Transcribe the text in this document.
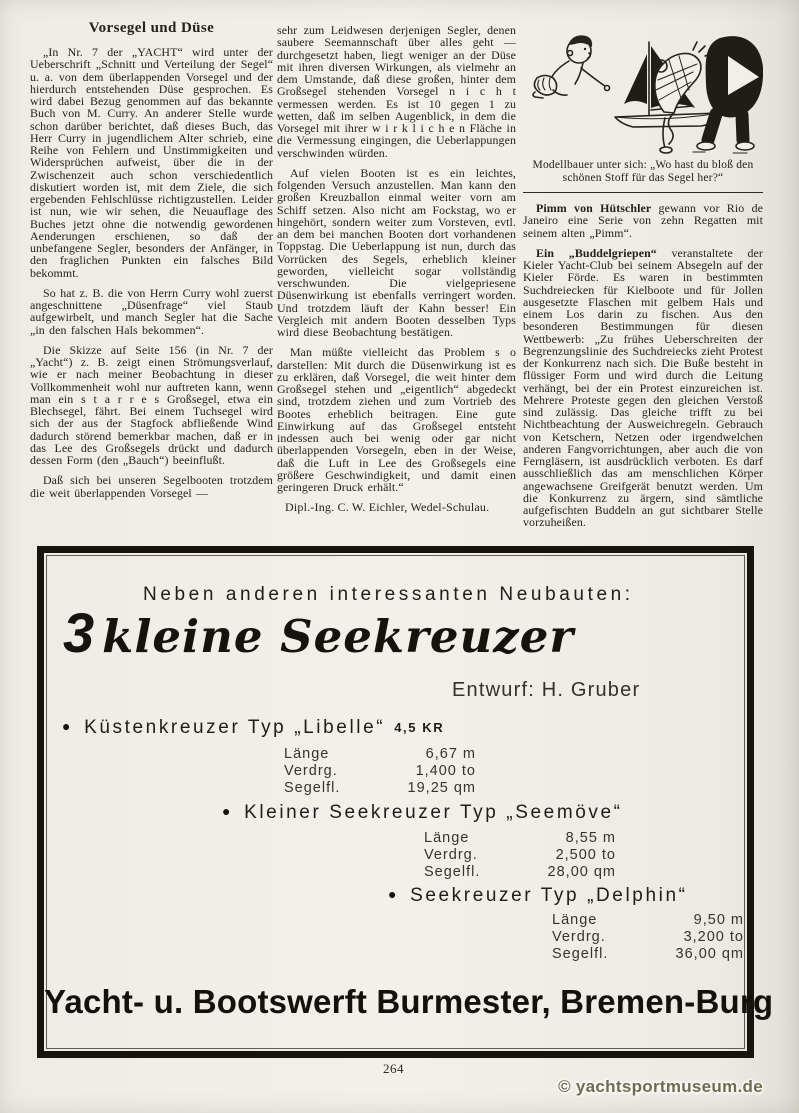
Vorsegel und Düse

„In Nr. 7 der „YACHT“ wird unter der Ueberschrift „Schnitt und Verteilung der Segel“ u. a. von dem überlappenden Vorsegel und der hierdurch entstehenden Düse gesprochen. Es wird dabei Bezug genommen auf das bekannte Buch von M. Curry. An anderer Stelle wurde schon darüber berichtet, daß dieses Buch, das Herr Curry in jugendlichem Alter schrieb, eine Reihe von Fehlern und Unstimmigkeiten und Widersprüchen aufweist, über die in der Zwischenzeit auch schon verschiedentlich diskutiert worden ist, mit dem Ziele, die sich ergebenden Fehlschlüsse richtigzustellen. Leider ist nun, wie wir sehen, die Neuauflage des Buches jetzt ohne die notwendig gewordenen Aenderungen erschienen, so daß der unbefangene Segler, besonders der Anfänger, in den fraglichen Punkten ein falsches Bild bekommt.

So hat z. B. die von Herrn Curry wohl zuerst angeschnittene „Düsenfrage“ viel Staub aufgewirbelt, und manch Segler hat die Sache „in den falschen Hals bekommen“.

Die Skizze auf Seite 156 (in Nr. 7 der „Yacht“) z. B. zeigt einen Strömungsverlauf, wie er nach meiner Beobachtung in dieser Vollkommenheit wohl nur auftreten kann, wenn man ein s t a r r e s Großsegel, etwa ein Blechsegel, fährt. Bei einem Tuchsegel wird sich der aus der Stagfock abfließende Wind dadurch störend bemerkbar machen, daß er in das Lee des Großsegels drückt und dadurch dessen Form (den „Bauch“) beeinflußt.

Daß sich bei unseren Segelbooten trotzdem die weit überlappenden Vorsegel —

sehr zum Leidwesen derjenigen Segler, denen saubere Seemannschaft über alles geht — durchgesetzt haben, liegt weniger an der Düse mit ihren diversen Wirkungen, als vielmehr an dem Umstande, daß diese großen, hinter dem Großsegel stehenden Vorsegel n i c h t vermessen werden. Es ist 10 gegen 1 zu wetten, daß im selben Augenblick, in dem die Vorsegel mit ihrer w i r k l i c h e n Fläche in die Vermessung eingingen, die Ueberlappungen verschwinden würden.

Auf vielen Booten ist es ein leichtes, folgenden Versuch anzustellen. Man kann den großen Kreuzballon einmal weiter vorn am Schiff setzen. Also nicht am Fockstag, wo er hingehört, sondern weiter zum Vorsteven, evtl. an dem bei manchen Booten dort vorhandenen Toppstag. Die Ueberlappung ist nun, durch das Vorrücken des Segels, erheblich kleiner geworden, vielleicht sogar vollständig verschwunden. Die vielgepriesene Düsenwirkung ist ebenfalls verringert worden. Und trotzdem läuft der Kahn besser! Ein Vergleich mit andern Booten desselben Typs wird diese Beobachtung bestätigen.

Man müßte vielleicht das Problem s o darstellen: Mit durch die Düsenwirkung ist es zu erklären, daß Vorsegel, die weit hinter dem Großsegel stehen und „eigentlich“ abgedeckt sind, trotzdem ziehen und zum Vortrieb des Bootes erheblich beitragen. Eine gute Einwirkung auf das Großsegel entsteht indessen auch bei wenig oder gar nicht überlappenden Vorsegeln, eben in der Weise, daß die Luft in Lee des Großsegels eine größere Geschwindigkeit, und damit einen geringeren Druck erhält.“

Dipl.-Ing. C. W. Eichler, Wedel-Schulau.

Modellbauer unter sich: „Wo hast du bloß den schönen Stoff für das Segel her?“

Pimm von Hütschler gewann vor Rio de Janeiro eine Serie von zehn Regatten mit seinem alten „Pimm“.

Ein „Buddelgriepen“ veranstaltete der Kieler Yacht-Club bei seinem Absegeln auf der Kieler Förde. Es waren in bestimmten Suchdreiecken für Kielboote und für Jollen ausgesetzte Flaschen mit gelbem Hals und einem Los darin zu fischen. Aus den besonderen Bestimmungen für diesen Wettbewerb: „Zu frühes Ueberschreiten der Begrenzungslinie des Suchdreiecks zieht Protest der Konkurrenz nach sich. Die Buße besteht in flüssiger Form und wird durch die Leitung verhängt, bei der ein Protest einzureichen ist. Mehrere Proteste gegen den gleichen Verstoß sind zulässig. Das gleiche trifft zu bei Nichtbeachtung der Ausweichregeln. Gebrauch von Ketschern, Netzen oder irgendwelchen anderen Fangvorrichtungen, aber auch die von Ferngläsern, ist ausdrücklich verboten. Es darf ausschließlich das am menschlichen Körper angewachsene Greifgerät benutzt werden. Um die Konkurrenz zu ärgern, sind sämtliche aufgefischten Buddeln an gut sichtbarer Stelle vorzuheißen.

Neben anderen interessanten Neubauten:
3 kleine Seekreuzer
Entwurf: H. Gruber
● Küstenkreuzer Typ „Libelle“ 4,5 KR
Länge	6,67 m
Verdrg.	1,400 to
Segelfl.	19,25 qm
● Kleiner Seekreuzer Typ „Seemöve“
Länge	8,55 m
Verdrg.	2,500 to
Segelfl.	28,00 qm
● Seekreuzer Typ „Delphin“
Länge	9,50 m
Verdrg.	3,200 to
Segelfl.	36,00 qm
Yacht- u. Bootswerft Burmester, Bremen-Burg
264
© yachtsportmuseum.de
